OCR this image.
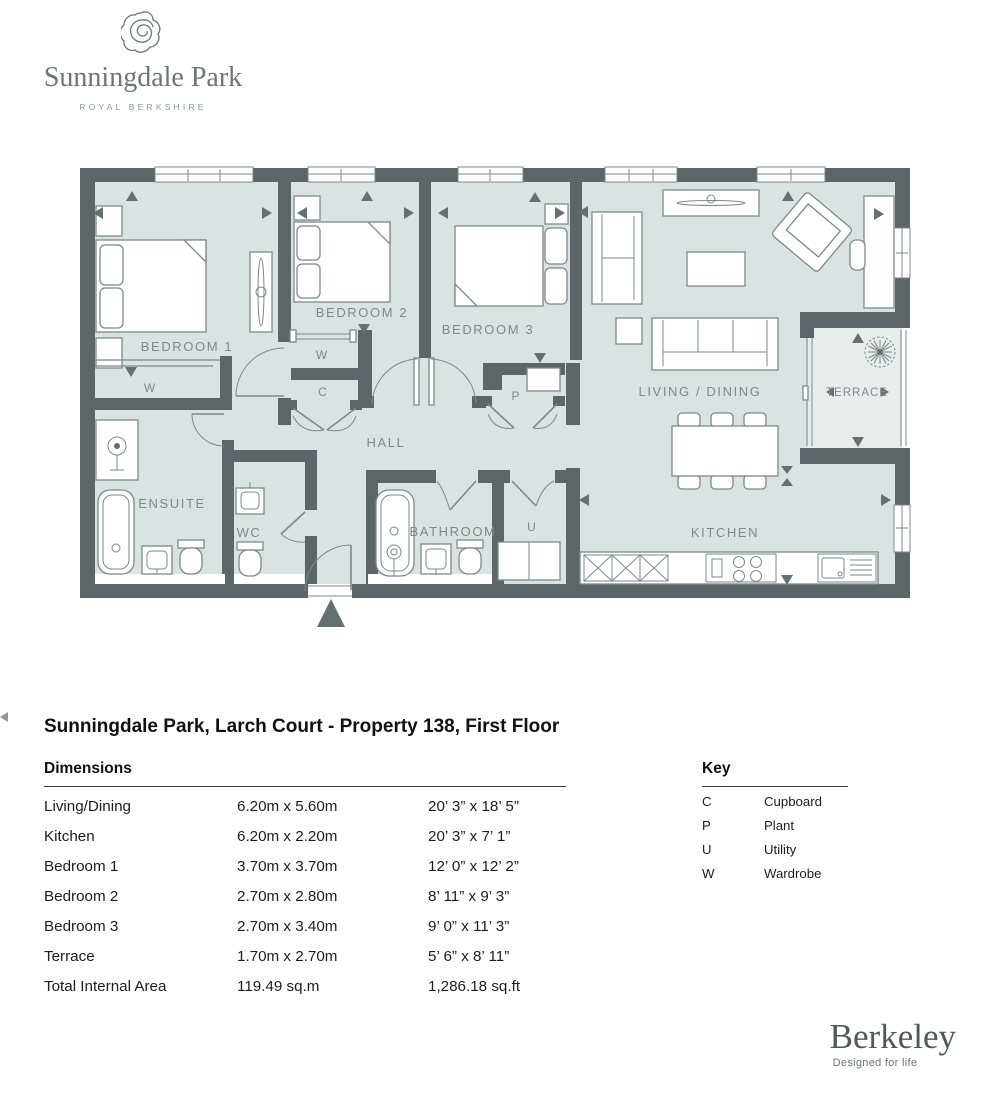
Sunningdale Park
ROYAL BERKSHIRE
BEDROOM 1
BEDROOM 2
BEDROOM 3
LIVING / DINING	TERRACE
HALL
ENSUITE
WC	BATHROOM	KITCHEN
U
W
W
C	P
Sunningdale Park, Larch Court - Property 138, First Floor
Dimensions
Living/Dining	6.20m x 5.60m	20’ 3” x 18’ 5”
Kitchen	6.20m x 2.20m	20’ 3” x 7’ 1”
Bedroom 1	3.70m x 3.70m	12’ 0” x 12’ 2”
Bedroom 2	2.70m x 2.80m	8’ 11” x 9’ 3”
Bedroom 3	2.70m x 3.40m	9’ 0” x 11’ 3”
Terrace	1.70m x 2.70m	5’ 6” x 8’ 11”
Total Internal Area	119.49 sq.m	1,286.18 sq.ft
Key
C	Cupboard
P	Plant
U	Utility
W	Wardrobe
Berkeley
Designed for life
